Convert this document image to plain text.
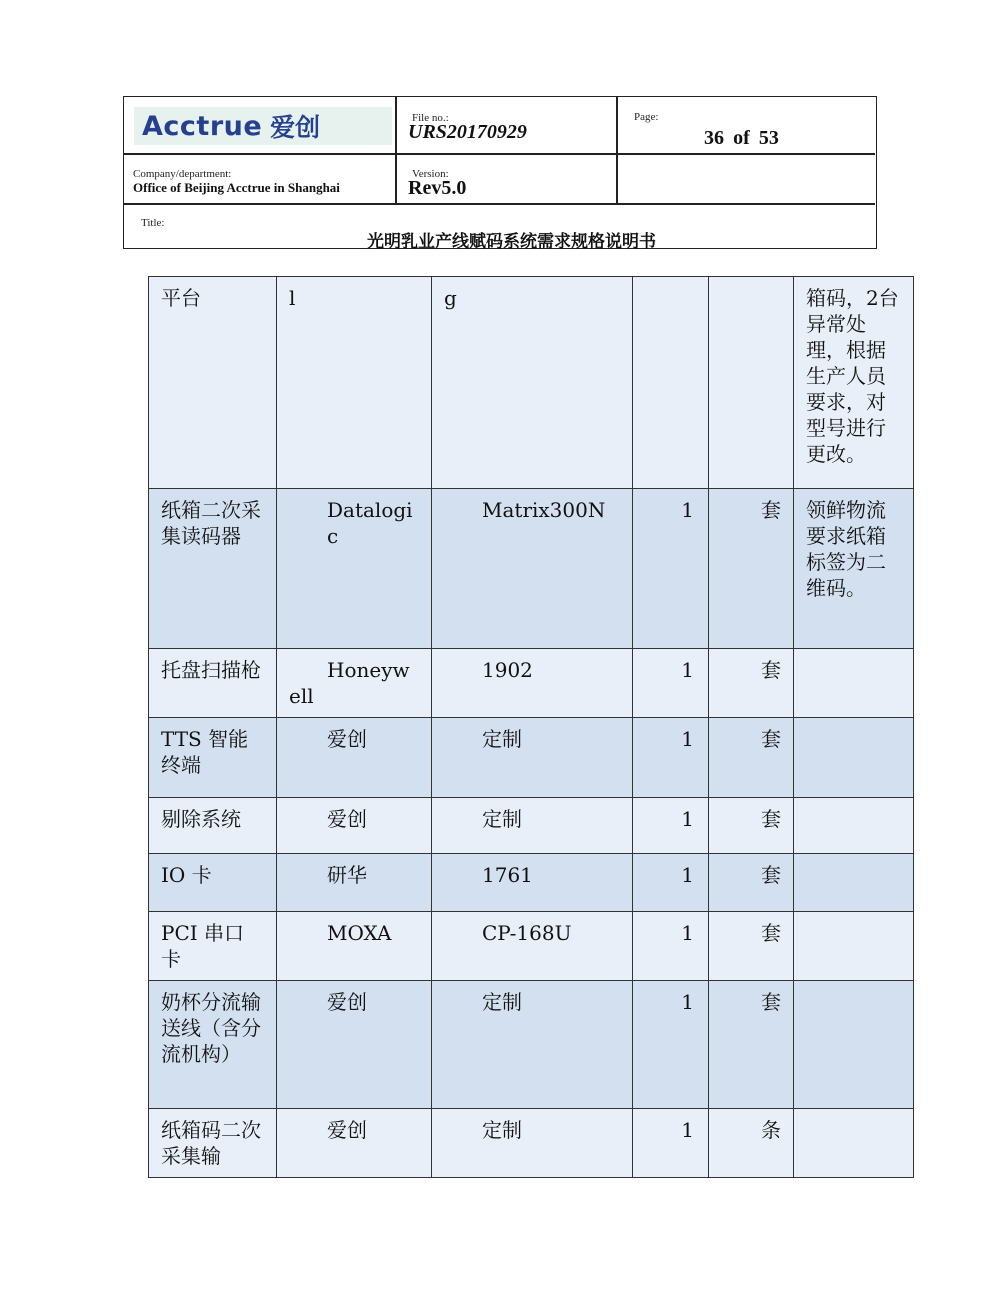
Acctrue 爱创	File no.:
URS20170929
Page:
36 of 53
Company/department:
Office of Beijing Acctrue in Shanghai
Version:
Rev5.0
Title:
光明乳业产线赋码系统需求规格说明书
平台	l	g			箱码，2台异常处理，根据生产人员要求，对型号进行更改。
纸箱二次采集读码器	Datalogic	Matrix300N	1	套	领鲜物流要求纸箱标签为二维码。
托盘扫描枪	Honeywell	1902	1	套	
TTS 智能终端	爱创	定制	1	套	
剔除系统	爱创	定制	1	套	
IO 卡	研华	1761	1	套	
PCI 串口卡	MOXA	CP-168U	1	套	
奶杯分流输送线（含分流机构）	爱创	定制	1	套	
纸箱码二次采集输	爱创	定制	1	条	
